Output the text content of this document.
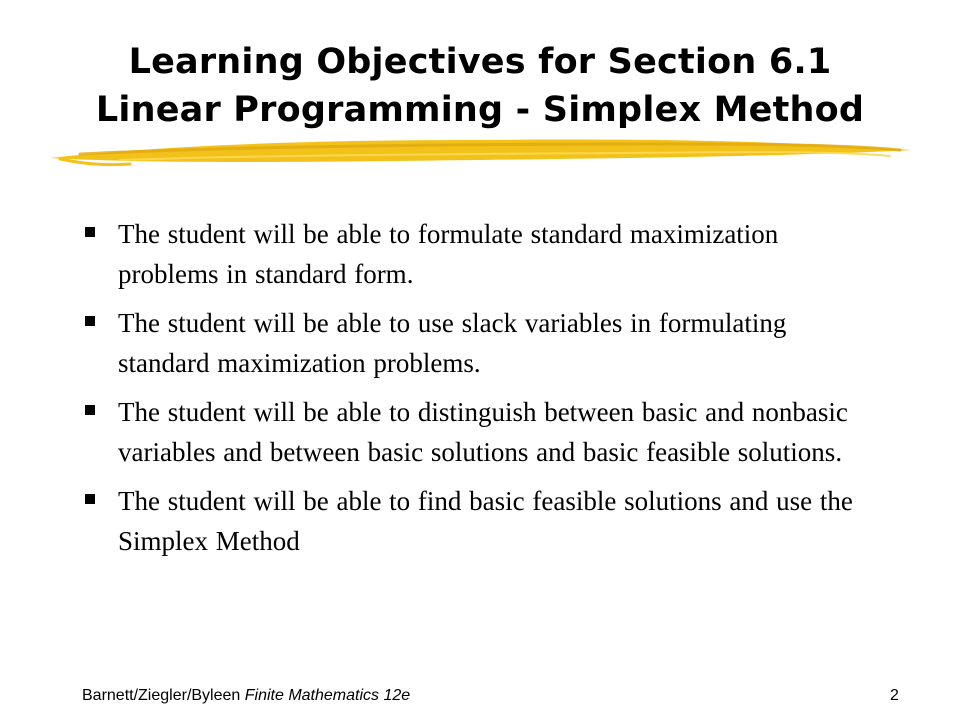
Learning Objectives for Section 6.1
Linear Programming - Simplex Method
The student will be able to formulate standard maximization problems in standard form.
The student will be able to use slack variables in formulating standard maximization problems.
The student will be able to distinguish between basic and nonbasic variables and between basic solutions and basic feasible solutions.
The student will be able to find basic feasible solutions and use the Simplex Method
Barnett/Ziegler/Byleen Finite Mathematics 12e	2
